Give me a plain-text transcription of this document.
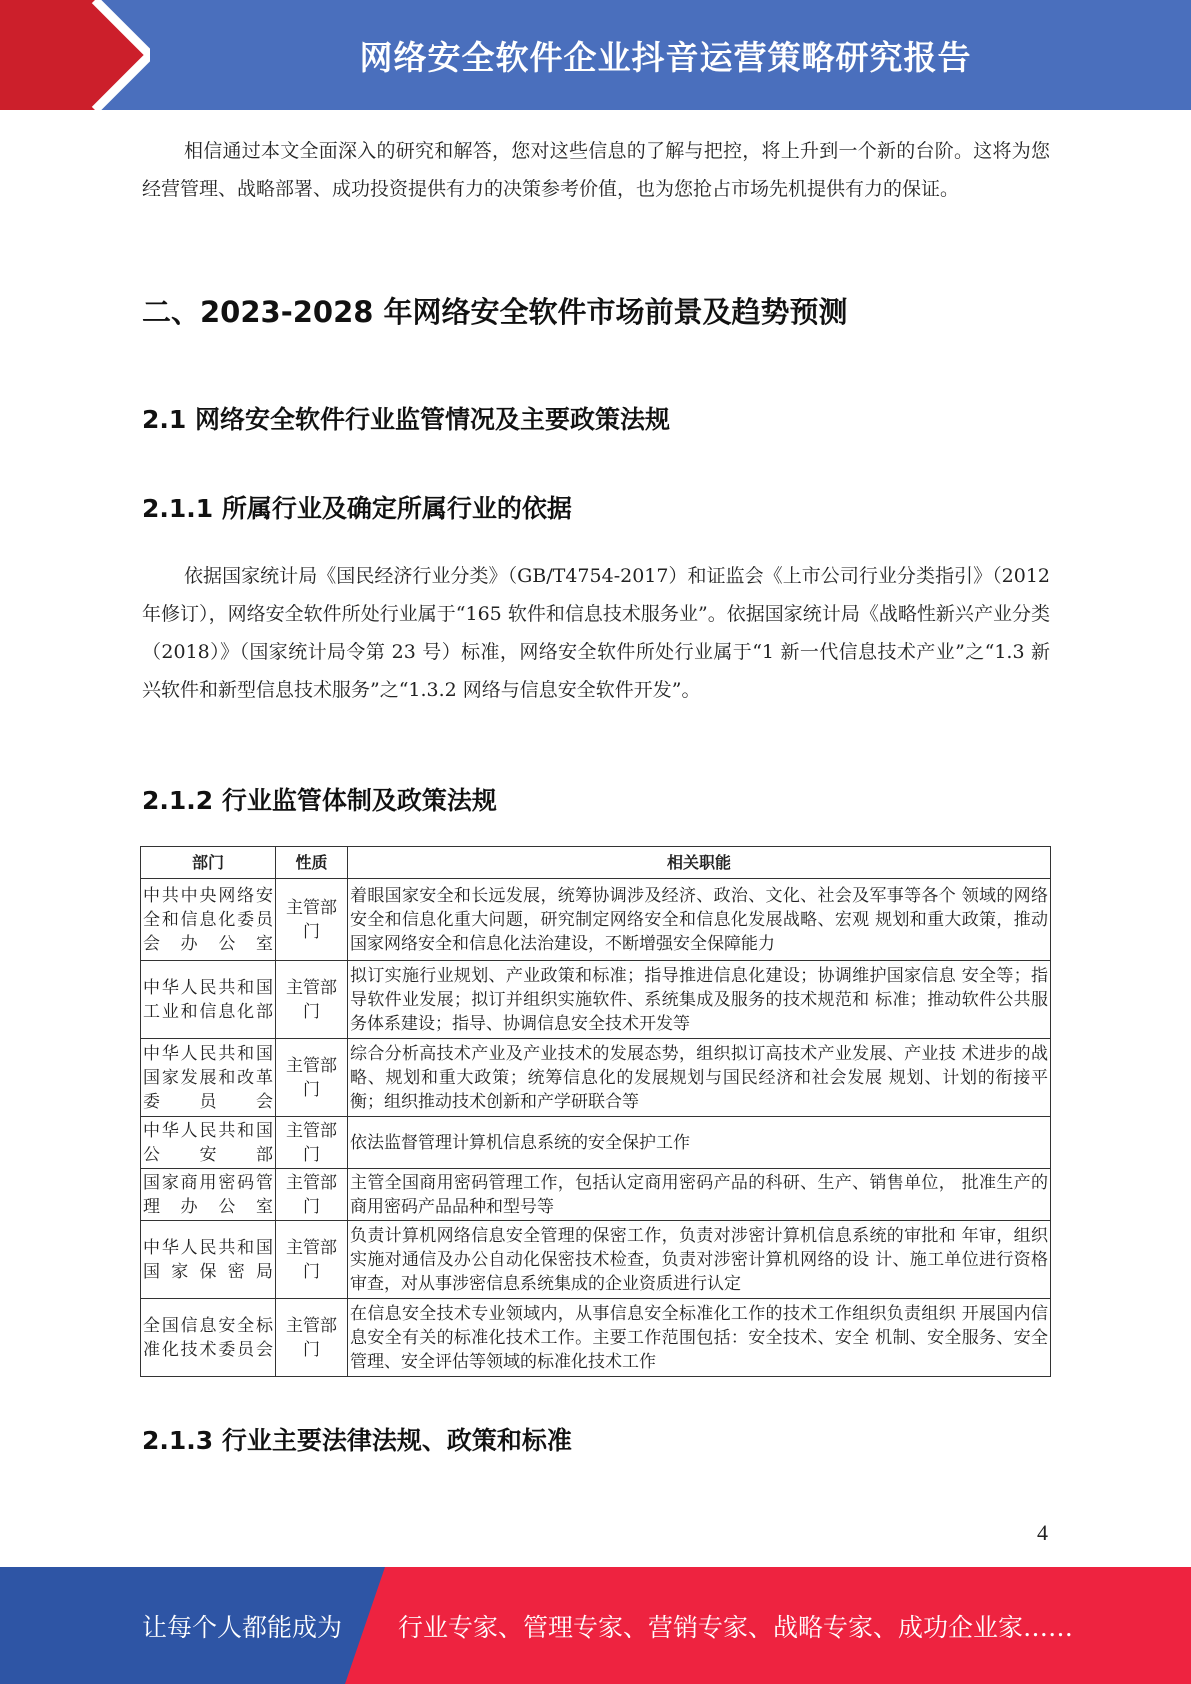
网络安全软件企业抖音运营策略研究报告

相信通过本文全面深入的研究和解答，您对这些信息的了解与把控，将上升到一个新的台阶。这将为您经营管理、战略部署、成功投资提供有力的决策参考价值，也为您抢占市场先机提供有力的保证。

二、2023-2028 年网络安全软件市场前景及趋势预测
2.1 网络安全软件行业监管情况及主要政策法规
2.1.1 所属行业及确定所属行业的依据

依据国家统计局《国民经济行业分类》（GB/T4754-2017）和证监会《上市公司行业分类指引》（2012 年修订），网络安全软件所处行业属于“165 软件和信息技术服务业”。依据国家统计局《战略性新兴产业分类（2018）》（国家统计局令第 23 号）标准，网络安全软件所处行业属于“1 新一代信息技术产业”之“1.3 新兴软件和新型信息技术服务”之“1.3.2 网络与信息安全软件开发”。

2.1.2 行业监管体制及政策法规
部门	性质	相关职能
中共中央网络安全和信息化委员会办公室	主管部门	着眼国家安全和长远发展，统筹协调涉及经济、政治、文化、社会及军事等各个 领域的网络安全和信息化重大问题，研究制定网络安全和信息化发展战略、宏观 规划和重大政策，推动国家网络安全和信息化法治建设，不断增强安全保障能力
中华人民共和国工业和信息化部	主管部门	拟订实施行业规划、产业政策和标准；指导推进信息化建设；协调维护国家信息 安全等；指导软件业发展；拟订并组织实施软件、系统集成及服务的技术规范和 标准；推动软件公共服务体系建设；指导、协调信息安全技术开发等
中华人民共和国国家发展和改革委员会	主管部门	综合分析高技术产业及产业技术的发展态势，组织拟订高技术产业发展、产业技 术进步的战略、规划和重大政策；统筹信息化的发展规划与国民经济和社会发展 规划、计划的衔接平衡；组织推动技术创新和产学研联合等
中华人民共和国公安部	主管部门	依法监督管理计算机信息系统的安全保护工作
国家商用密码管理办公室	主管部门	主管全国商用密码管理工作，包括认定商用密码产品的科研、生产、销售单位， 批准生产的商用密码产品品种和型号等
中华人民共和国国家保密局	主管部门	负责计算机网络信息安全管理的保密工作，负责对涉密计算机信息系统的审批和 年审，组织实施对通信及办公自动化保密技术检查，负责对涉密计算机网络的设 计、施工单位进行资格审查，对从事涉密信息系统集成的企业资质进行认定
全国信息安全标准化技术委员会	主管部门	在信息安全技术专业领域内，从事信息安全标准化工作的技术工作组织负责组织 开展国内信息安全有关的标准化技术工作。主要工作范围包括：安全技术、安全 机制、安全服务、安全管理、安全评估等领域的标准化技术工作
2.1.3 行业主要法律法规、政策和标准
4
让每个人都能成为 行业专家、管理专家、营销专家、战略专家、成功企业家……
